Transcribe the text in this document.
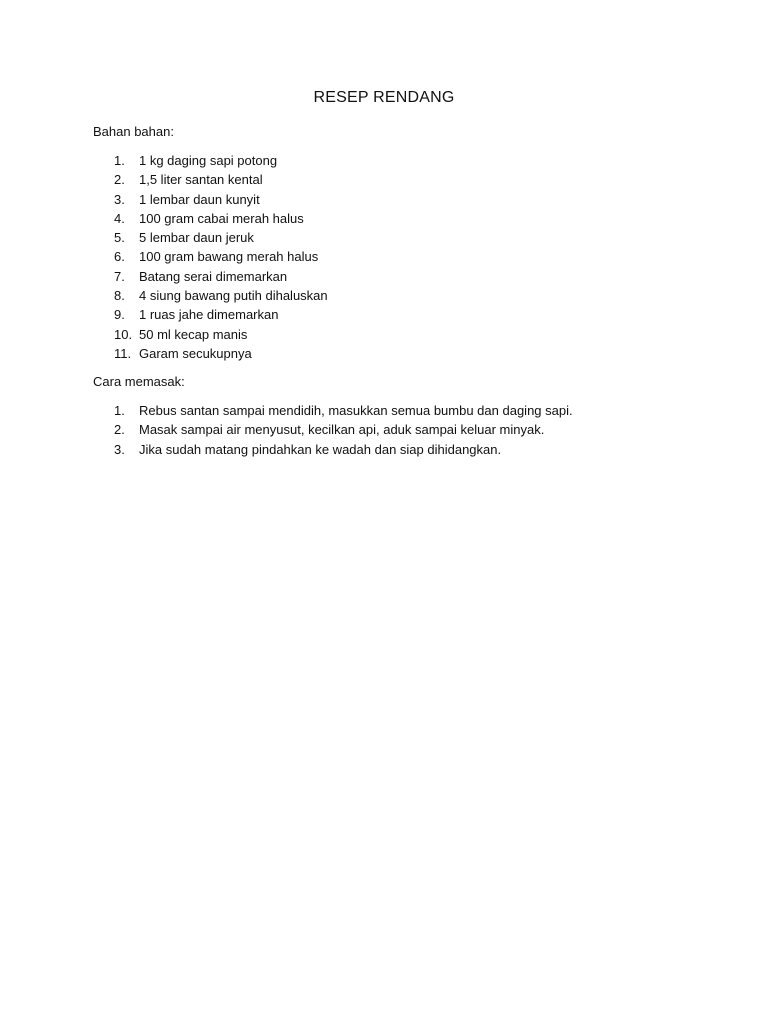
RESEP RENDANG

Bahan bahan:

1.	1 kg daging sapi potong
2.	1,5 liter santan kental
3.	1 lembar daun kunyit
4.	100 gram cabai merah halus
5.	5 lembar daun jeruk
6.	100 gram bawang merah halus
7.	Batang serai dimemarkan
8.	4 siung bawang putih dihaluskan
9.	1 ruas jahe dimemarkan
10. 50 ml kecap manis
11. Garam secukupnya

Cara memasak:

1.	Rebus santan sampai mendidih, masukkan semua bumbu dan daging sapi.
2.	Masak sampai air menyusut, kecilkan api, aduk sampai keluar minyak.
3.	Jika sudah matang pindahkan ke wadah dan siap dihidangkan.
